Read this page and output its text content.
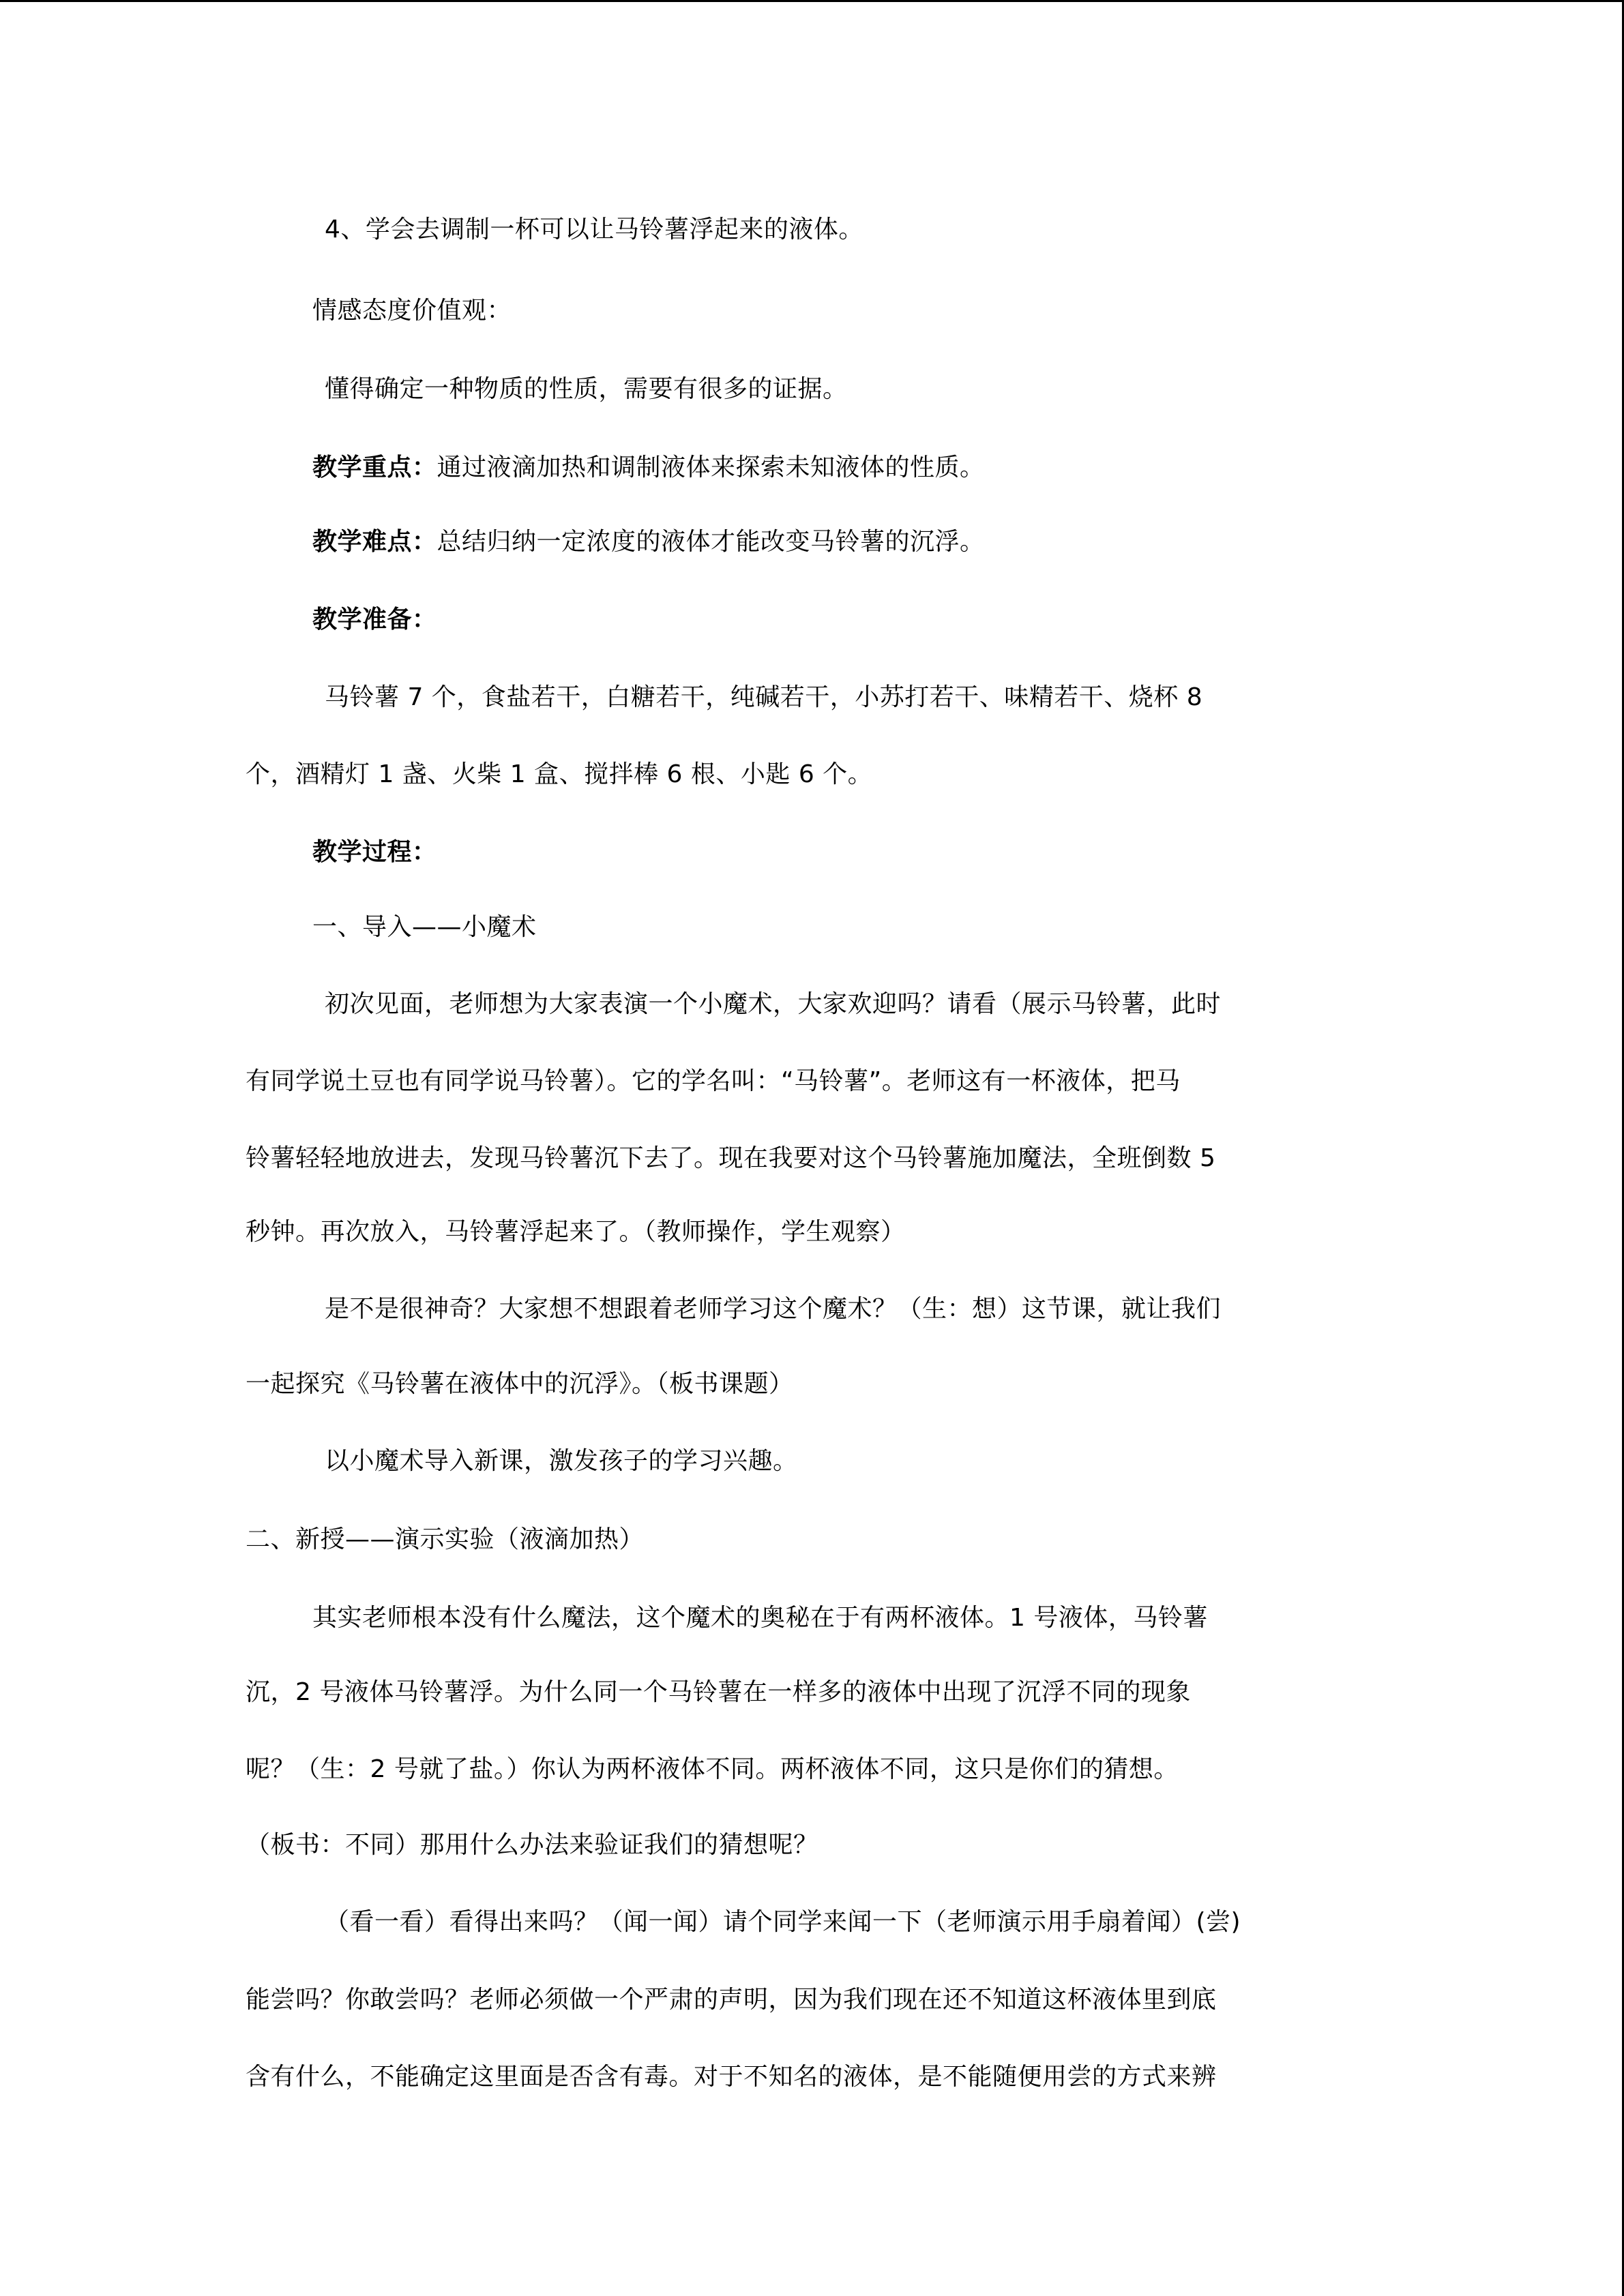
4、学会去调制一杯可以让马铃薯浮起来的液体。
情感态度价值观：
懂得确定一种物质的性质，需要有很多的证据。
教学重点：通过液滴加热和调制液体来探索未知液体的性质。
教学难点：总结归纳一定浓度的液体才能改变马铃薯的沉浮。
教学准备：
马铃薯 7 个，食盐若干，白糖若干，纯碱若干，小苏打若干、味精若干、烧杯 8
个，酒精灯 1 盏、火柴 1 盒、搅拌棒 6 根、小匙 6 个。
教学过程：
一、导入——小魔术
初次见面，老师想为大家表演一个小魔术，大家欢迎吗？请看（展示马铃薯，此时
有同学说土豆也有同学说马铃薯）。它的学名叫：“马铃薯”。老师这有一杯液体，把马
铃薯轻轻地放进去，发现马铃薯沉下去了。现在我要对这个马铃薯施加魔法，全班倒数 5
秒钟。再次放入，马铃薯浮起来了。（教师操作，学生观察）
是不是很神奇？大家想不想跟着老师学习这个魔术？（生：想）这节课，就让我们
一起探究《马铃薯在液体中的沉浮》。（板书课题）
以小魔术导入新课，激发孩子的学习兴趣。
二、新授——演示实验（液滴加热）
其实老师根本没有什么魔法，这个魔术的奥秘在于有两杯液体。1 号液体，马铃薯
沉，2 号液体马铃薯浮。为什么同一个马铃薯在一样多的液体中出现了沉浮不同的现象
呢？（生：2 号就了盐。）你认为两杯液体不同。两杯液体不同，这只是你们的猜想。
（板书：不同）那用什么办法来验证我们的猜想呢？
（看一看）看得出来吗？（闻一闻）请个同学来闻一下（老师演示用手扇着闻）(尝)
能尝吗？你敢尝吗？老师必须做一个严肃的声明，因为我们现在还不知道这杯液体里到底
含有什么，不能确定这里面是否含有毒。对于不知名的液体，是不能随便用尝的方式来辨
